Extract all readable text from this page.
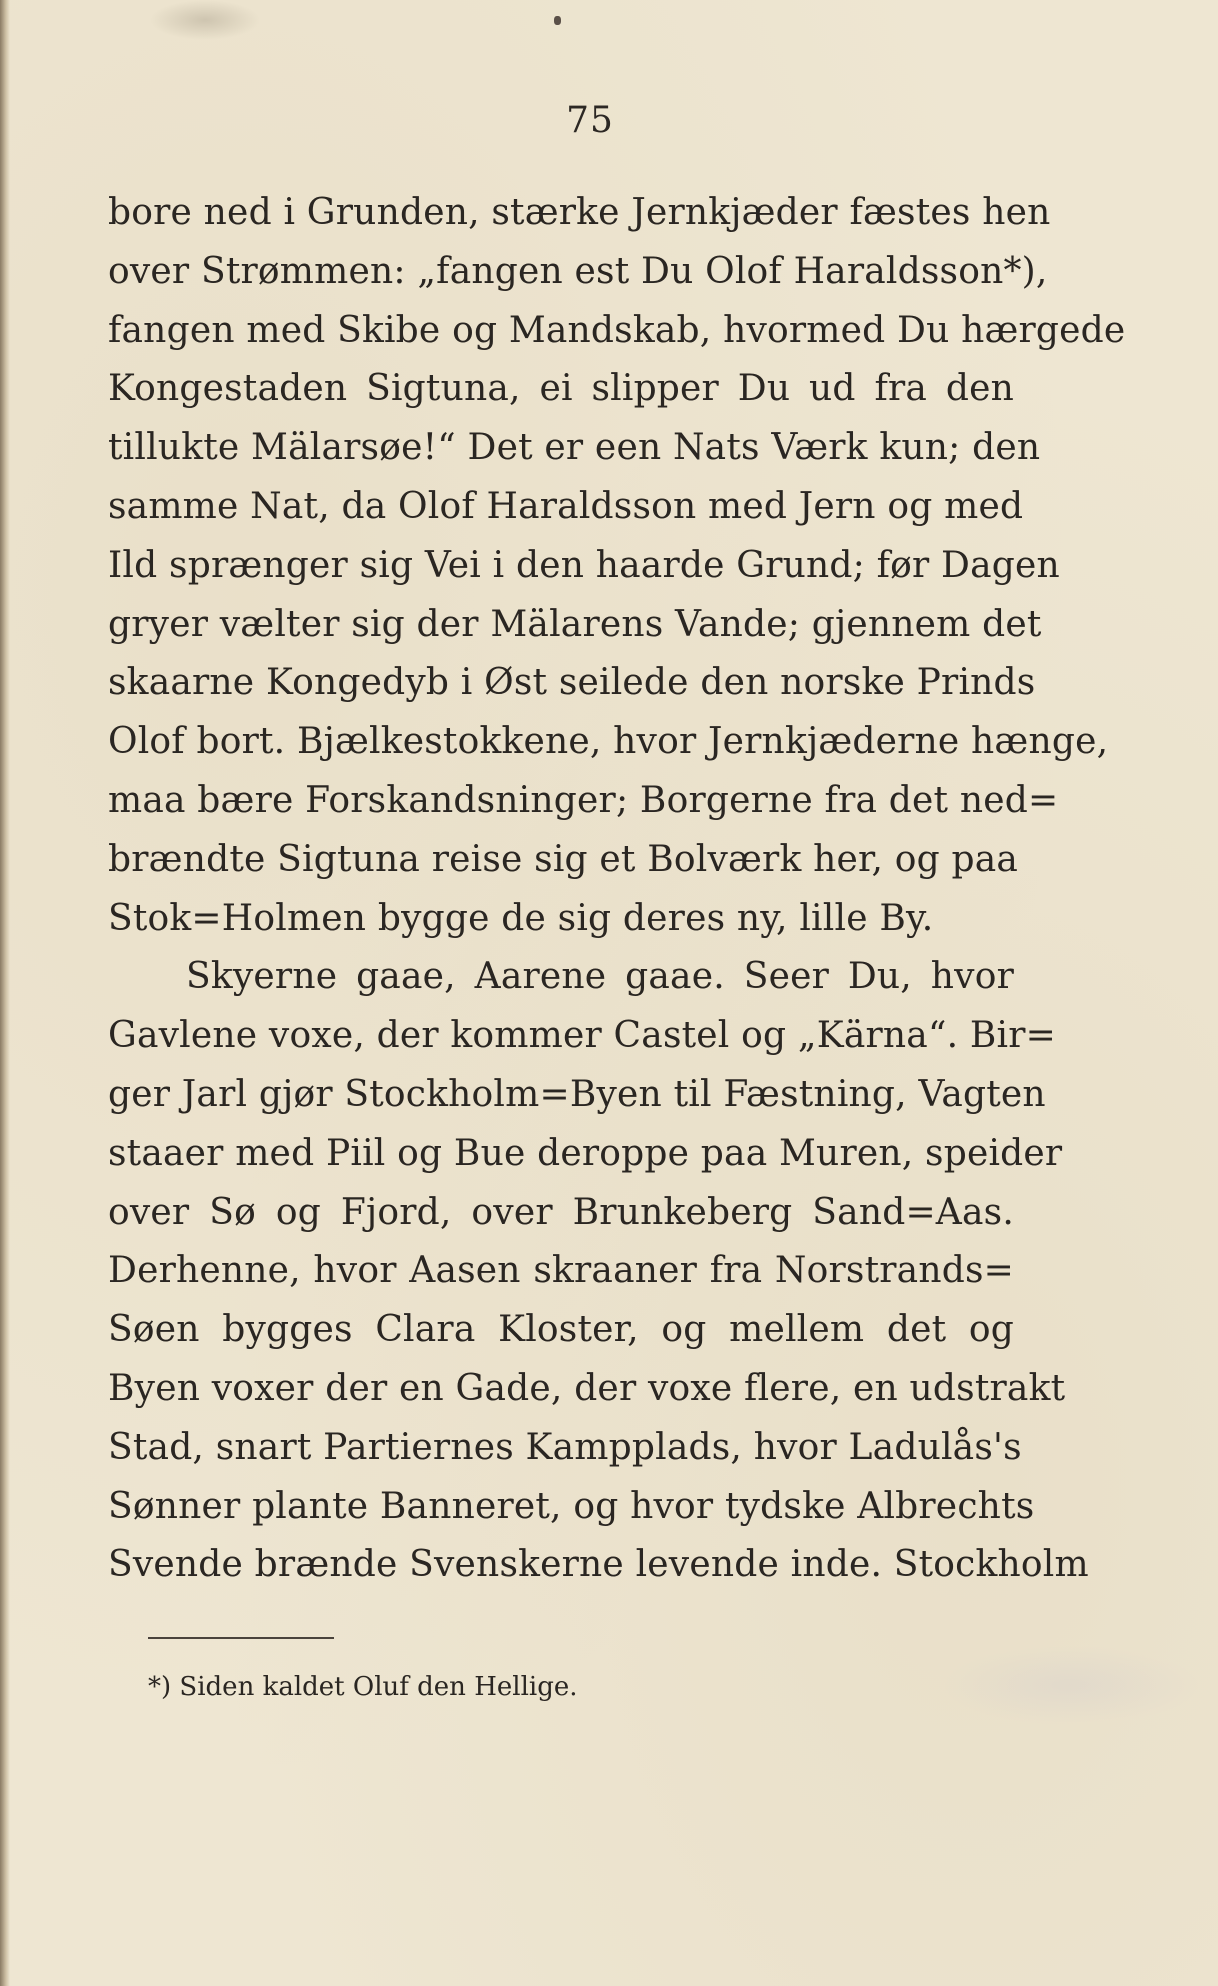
75
bore ned i Grunden, stærke Jernkjæder fæstes hen
over Strømmen: „fangen est Du Olof Haraldsson*),
fangen med Skibe og Mandskab, hvormed Du hærgede
Kongestaden Sigtuna, ei slipper Du ud fra den
tillukte Mälarsøe!“ Det er een Nats Værk kun; den
samme Nat, da Olof Haraldsson med Jern og med
Ild sprænger sig Vei i den haarde Grund; før Dagen
gryer vælter sig der Mälarens Vande; gjennem det
skaarne Kongedyb i Øst seilede den norske Prinds
Olof bort. Bjælkestokkene, hvor Jernkjæderne hænge,
maa bære Forskandsninger; Borgerne fra det ned=
brændte Sigtuna reise sig et Bolværk her, og paa
Stok=Holmen bygge de sig deres ny, lille By.
Skyerne gaae, Aarene gaae. Seer Du, hvor
Gavlene voxe, der kommer Castel og „Kärna“. Bir=
ger Jarl gjør Stockholm=Byen til Fæstning, Vagten
staaer med Piil og Bue deroppe paa Muren, speider
over Sø og Fjord, over Brunkeberg Sand=Aas.
Derhenne, hvor Aasen skraaner fra Norstrands=
Søen bygges Clara Kloster, og mellem det og
Byen voxer der en Gade, der voxe flere, en udstrakt
Stad, snart Partiernes Kampplads, hvor Ladulås's
Sønner plante Banneret, og hvor tydske Albrechts
Svende brænde Svenskerne levende inde. Stockholm
*) Siden kaldet Oluf den Hellige.
